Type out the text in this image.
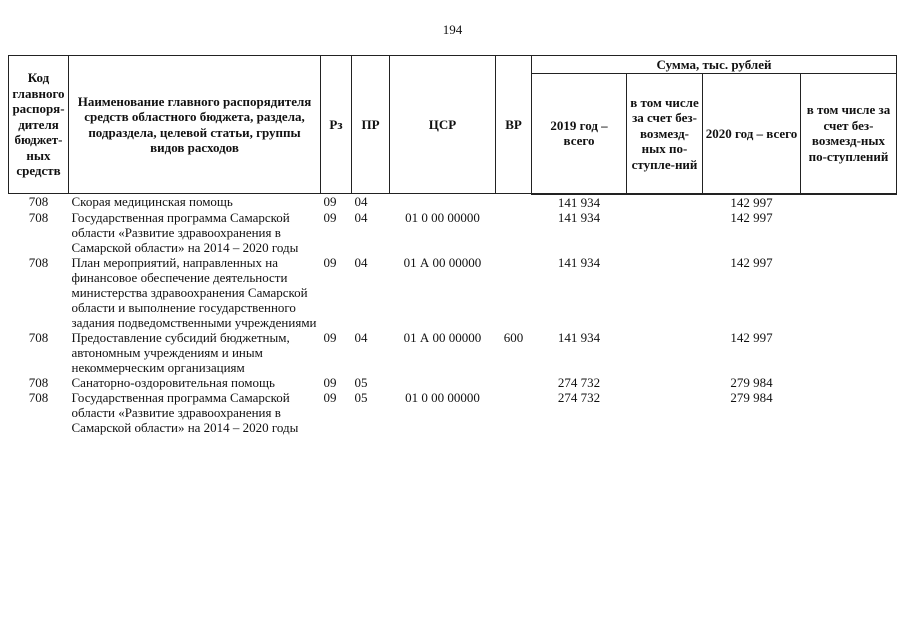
194
Код главного распоря-дителя бюджет-ных средств	Наименование главного распорядителя средств областного бюджета, раздела, подраздела, целевой статьи, группы видов расходов	Рз	ПР	ЦСР	ВР	Сумма, тыс. рублей			
						2019 год – всего	в том числе за счет без-возмезд-ных по-ступле-ний	2020 год – всего	в том числе за счет без-возмезд-ных по-ступлений
708	Скорая медицинская помощь	09	04			141 934		142 997	
708	Государственная программа Самарской области «Развитие здравоохранения в Самарской области» на 2014 – 2020 годы	09	04	01 0 00 00000		141 934		142 997	
708	План мероприятий, направленных на финансовое обеспечение деятельности министерства здравоохранения Самарской области и выполнение государственного задания подведомственными учреждениями	09	04	01 А 00 00000		141 934		142 997	
708	Предоставление субсидий бюджетным, автономным учреждениям и иным некоммерческим организациям	09	04	01 А 00 00000	600	141 934		142 997	
708	Санаторно-оздоровительная помощь	09	05			274 732		279 984	
708	Государственная программа Самарской области «Развитие здравоохранения в Самарской области» на 2014 – 2020 годы	09	05	01 0 00 00000		274 732		279 984	
